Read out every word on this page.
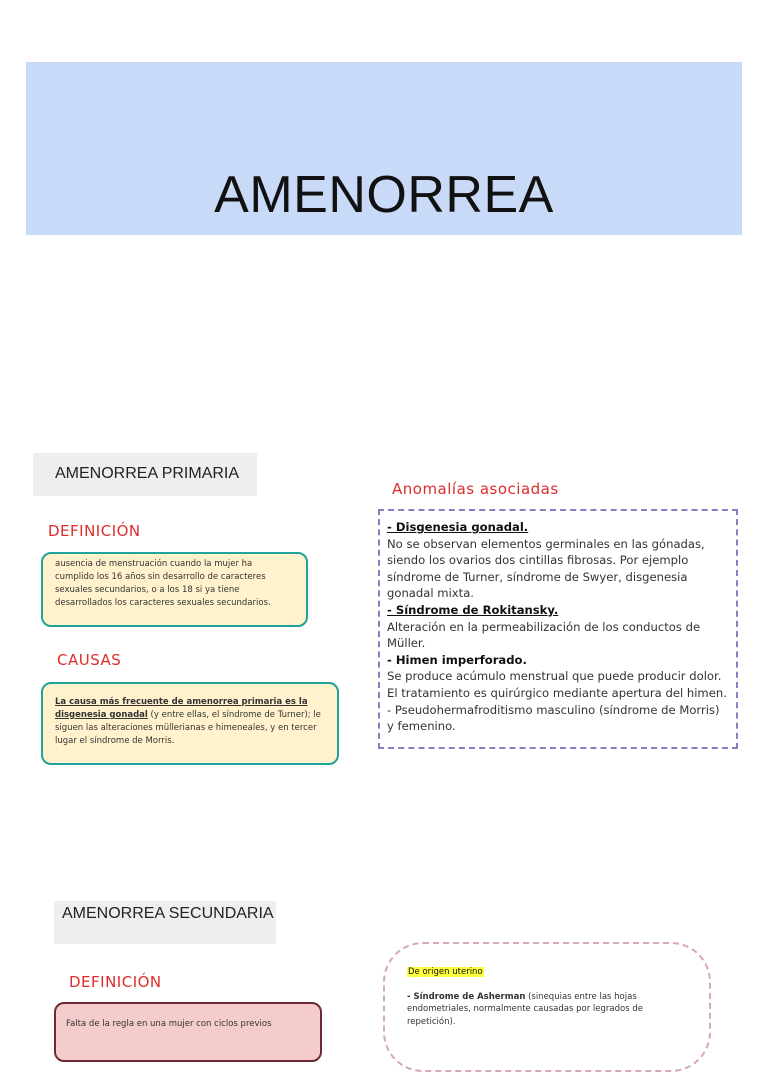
AMENORREA
AMENORREA PRIMARIA
DEFINICIÓN

ausencia de menstruación cuando la mujer ha cumplido los 16 años sin desarrollo de caracteres sexuales secundarios, o a los 18 si ya tiene desarrollados los caracteres sexuales secundarios.

CAUSAS

La causa más frecuente de amenorrea primaria es la disgenesia gonadal (y entre ellas, el síndrome de Turner); le siguen las alteraciones müllerianas e himeneales, y en tercer lugar el síndrome de Morris.

Anomalías asociadas

- Disgenesia gonadal.
No se observan elementos germinales en las gónadas, siendo los ovarios dos cintillas fibrosas. Por ejemplo síndrome de Turner, síndrome de Swyer, disgenesia gonadal mixta.

- Síndrome de Rokitansky.
Alteración en la permeabilización de los conductos de Müller.

- Himen imperforado.
Se produce acúmulo menstrual que puede producir dolor. El tratamiento es quirúrgico mediante apertura del himen.

- Pseudohermafroditismo masculino (síndrome de Morris) y femenino.

AMENORREA SECUNDARIA
DEFINICIÓN

Falta de la regla en una mujer con ciclos previos

De origen uterino

- Síndrome de Asherman (sinequias entre las hojas endometriales, normalmente causadas por legrados de repetición).
